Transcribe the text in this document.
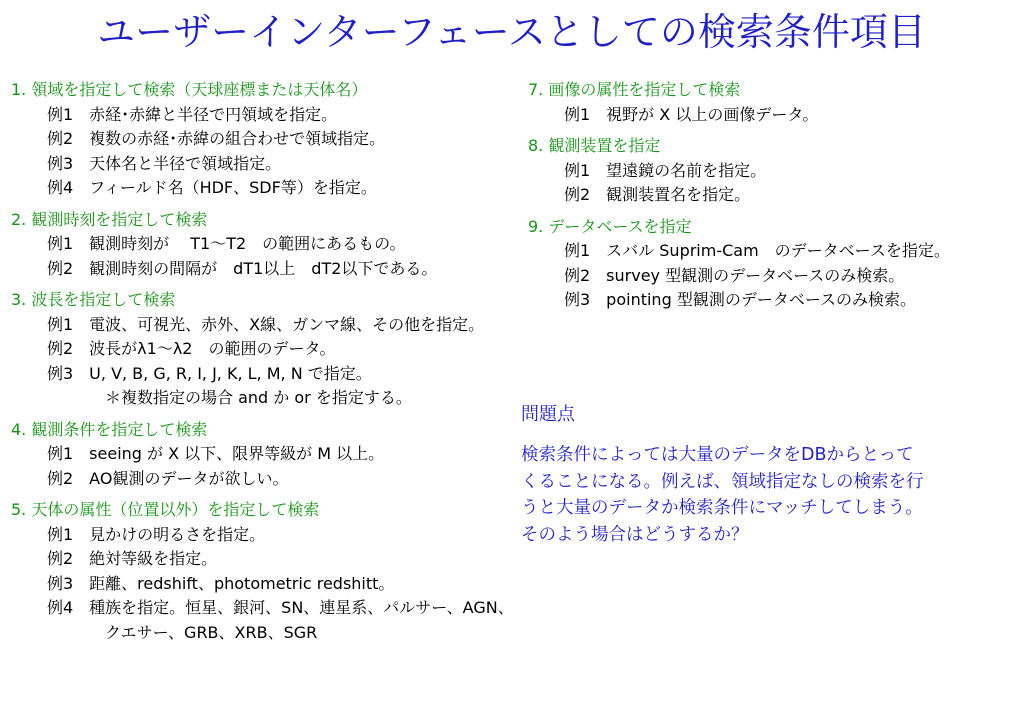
ユーザーインターフェースとしての検索条件項目
1. 領域を指定して検索（天球座標または天体名）
例1　赤経･赤緯と半径で円領域を指定。
例2　複数の赤経･赤緯の組合わせで領域指定。
例3　天体名と半径で領域指定。
例4　フィールド名（HDF、SDF等）を指定。
2. 観測時刻を指定して検索
例1　観測時刻が　 T1～T2　の範囲にあるもの。
例2　観測時刻の間隔が　dT1以上　dT2以下である。
3. 波長を指定して検索
例1　電波、可視光、赤外、X線、ガンマ線、その他を指定。
例2　波長がλ1～λ2　の範囲のデータ。
例3　U, V, B, G, R, I, J, K, L, M, N で指定。
＊複数指定の場合 and か or を指定する。
4. 観測条件を指定して検索
例1　seeing が X 以下、限界等級が M 以上。
例2　AO観測のデータが欲しい。
5. 天体の属性（位置以外）を指定して検索
例1　見かけの明るさを指定。
例2　絶対等級を指定。
例3　距離、redshift、photometric redshitt。
例4　種族を指定。恒星、銀河、SN、連星系、パルサー、AGN、
クエサー、GRB、XRB、SGR
7. 画像の属性を指定して検索
例1　視野が X 以上の画像データ。
8. 観測装置を指定
例1　望遠鏡の名前を指定。
例2　観測装置名を指定。
9. データベースを指定
例1　スバル Suprim-Cam　のデータベースを指定。
例2　survey 型観測のデータベースのみ検索。
例3　pointing 型観測のデータベースのみ検索。
問題点
検索条件によっては大量のデータをDBからとって
くることになる。例えば、領域指定なしの検索を行
うと大量のデータか検索条件にマッチしてしまう。
そのよう場合はどうするか？
